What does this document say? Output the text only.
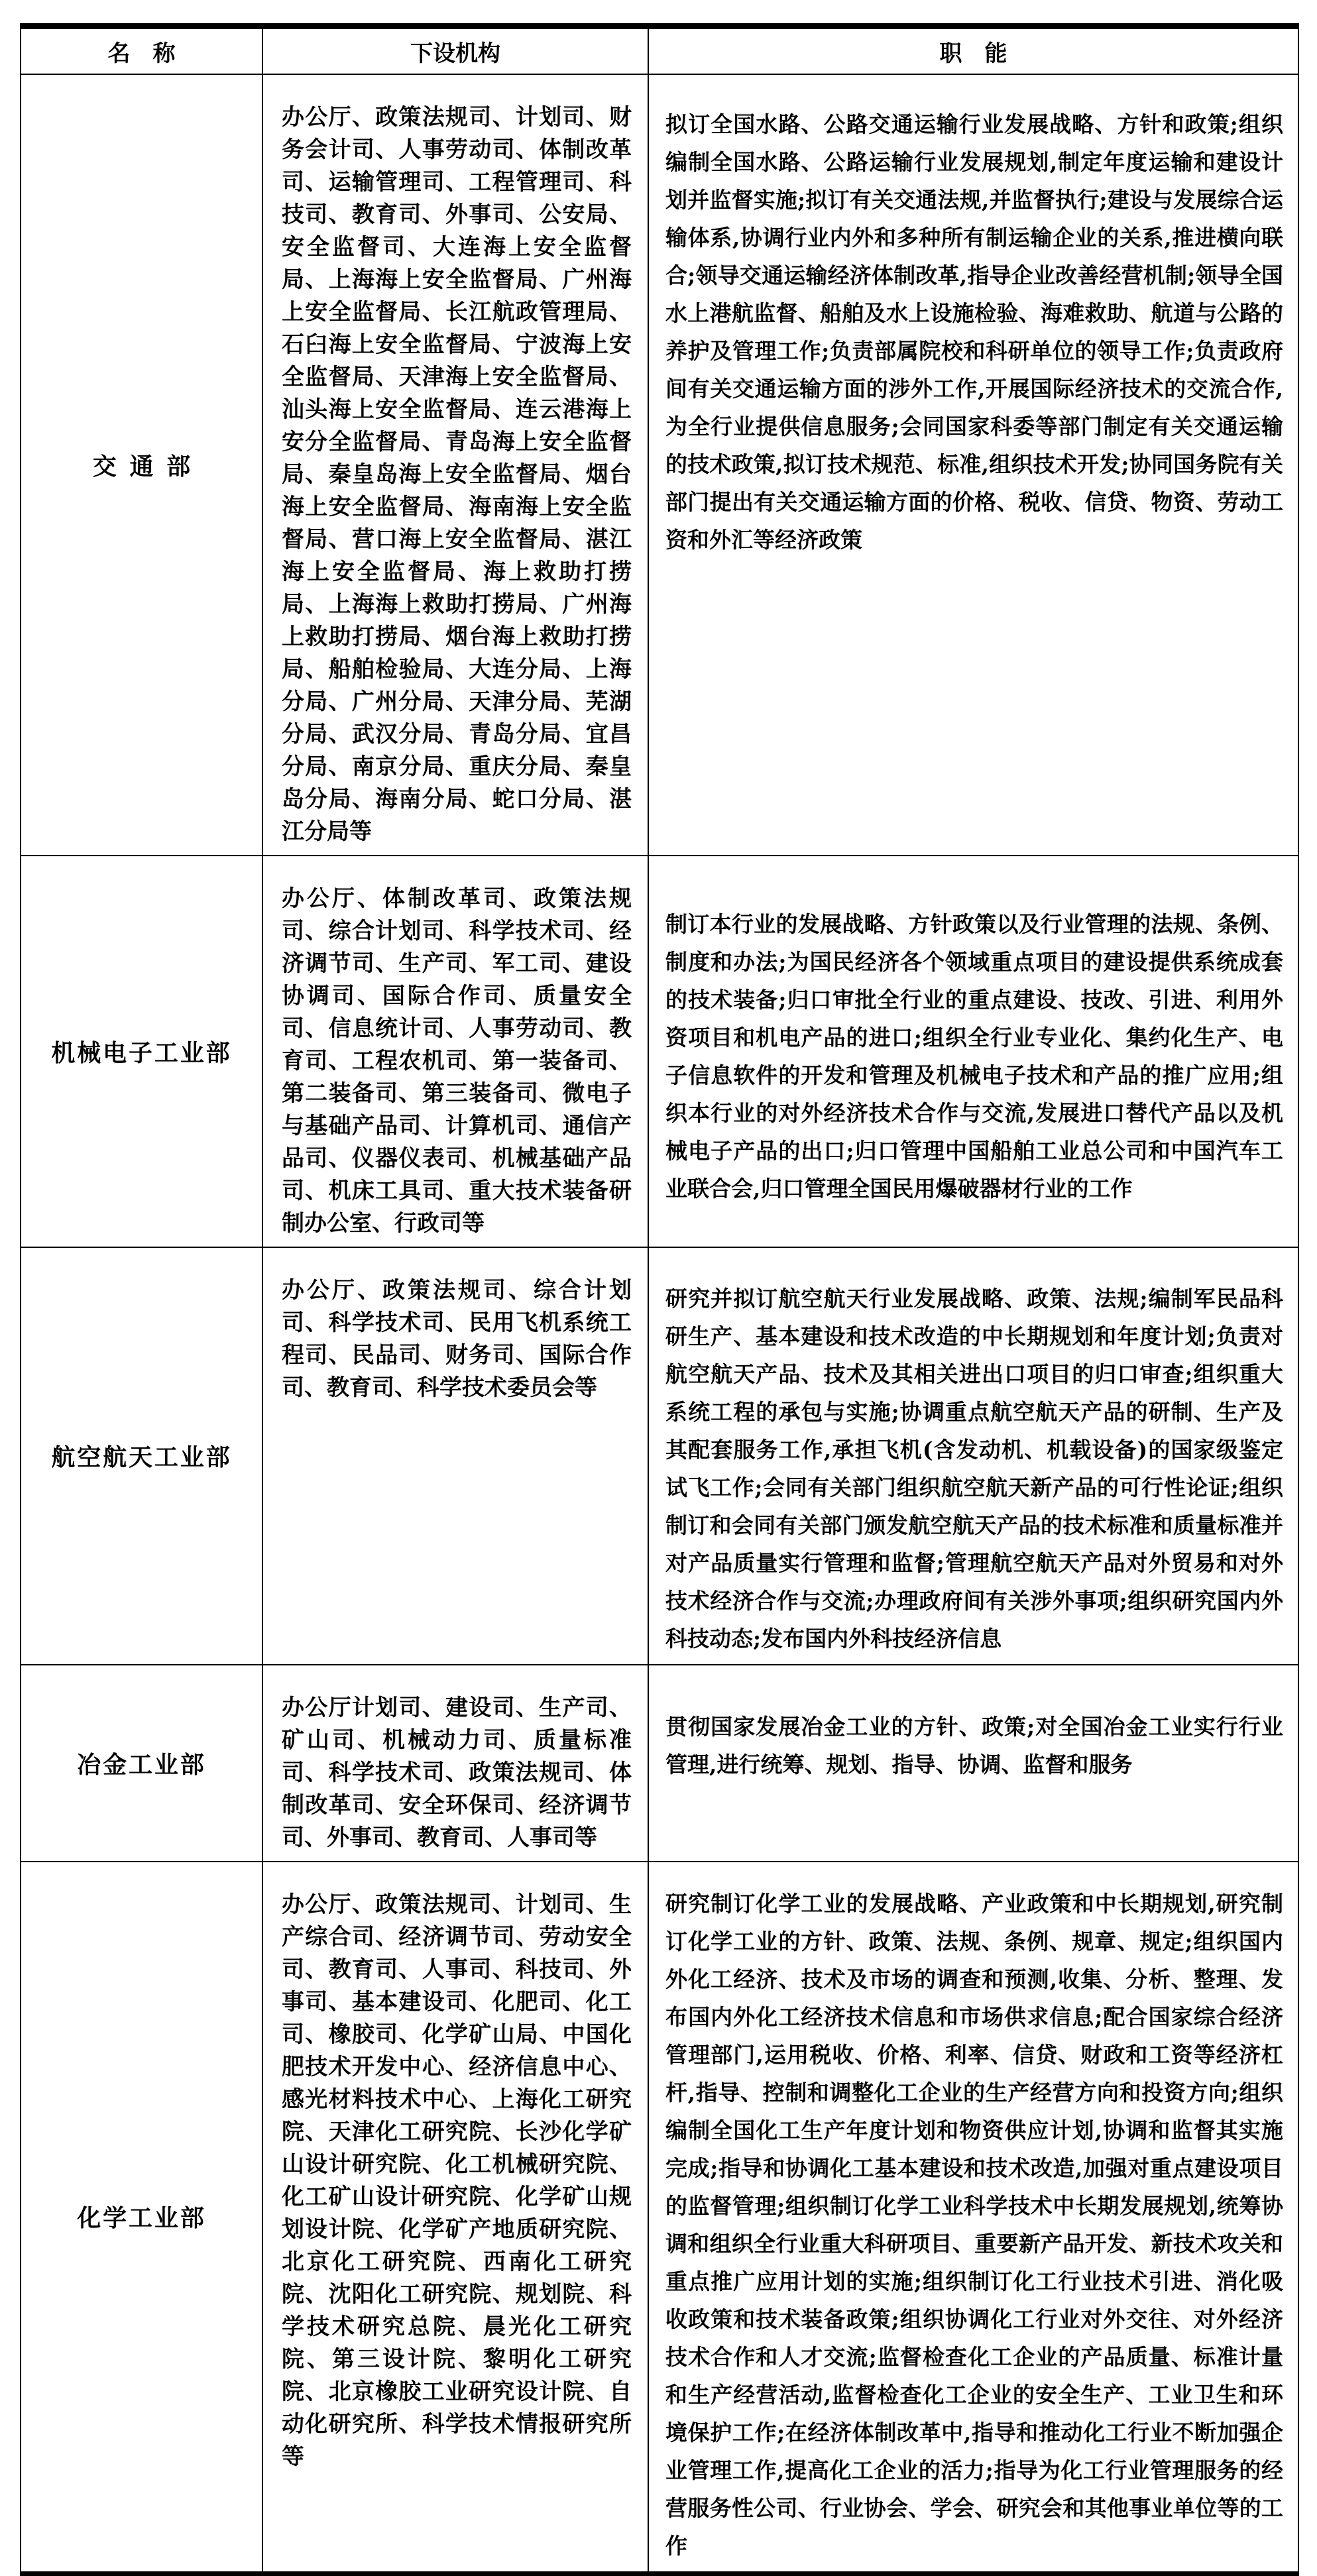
名　称	下设机构	职　能
交通部	办公厅、政策法规司、计划司、财务会计司、人事劳动司、体制改革司、运输管理司、工程管理司、科技司、教育司、外事司、公安局、安全监督司、大连海上安全监督局、上海海上安全监督局、广州海上安全监督局、长江航政管理局、石臼海上安全监督局、宁波海上安全监督局、天津海上安全监督局、汕头海上安全监督局、连云港海上安分全监督局、青岛海上安全监督局、秦皇岛海上安全监督局、烟台海上安全监督局、海南海上安全监督局、营口海上安全监督局、湛江海上安全监督局、海上救助打捞局、上海海上救助打捞局、广州海上救助打捞局、烟台海上救助打捞局、船舶检验局、大连分局、上海分局、广州分局、天津分局、芜湖分局、武汉分局、青岛分局、宜昌分局、南京分局、重庆分局、秦皇岛分局、海南分局、蛇口分局、湛江分局等	拟订全国水路、公路交通运输行业发展战略、方针和政策;组织编制全国水路、公路运输行业发展规划,制定年度运输和建设计划并监督实施;拟订有关交通法规,并监督执行;建设与发展综合运输体系,协调行业内外和多种所有制运输企业的关系,推进横向联合;领导交通运输经济体制改革,指导企业改善经营机制;领导全国水上港航监督、船舶及水上设施检验、海难救助、航道与公路的养护及管理工作;负责部属院校和科研单位的领导工作;负责政府间有关交通运输方面的涉外工作,开展国际经济技术的交流合作,为全行业提供信息服务;会同国家科委等部门制定有关交通运输的技术政策,拟订技术规范、标准,组织技术开发;协同国务院有关部门提出有关交通运输方面的价格、税收、信贷、物资、劳动工资和外汇等经济政策
机械电子工业部	办公厅、体制改革司、政策法规司、综合计划司、科学技术司、经济调节司、生产司、军工司、建设协调司、国际合作司、质量安全司、信息统计司、人事劳动司、教育司、工程农机司、第一装备司、第二装备司、第三装备司、微电子与基础产品司、计算机司、通信产品司、仪器仪表司、机械基础产品司、机床工具司、重大技术装备研制办公室、行政司等	制订本行业的发展战略、方针政策以及行业管理的法规、条例、制度和办法;为国民经济各个领域重点项目的建设提供系统成套的技术装备;归口审批全行业的重点建设、技改、引进、利用外资项目和机电产品的进口;组织全行业专业化、集约化生产、电子信息软件的开发和管理及机械电子技术和产品的推广应用;组织本行业的对外经济技术合作与交流,发展进口替代产品以及机械电子产品的出口;归口管理中国船舶工业总公司和中国汽车工业联合会,归口管理全国民用爆破器材行业的工作
航空航天工业部	办公厅、政策法规司、综合计划司、科学技术司、民用飞机系统工程司、民品司、财务司、国际合作司、教育司、科学技术委员会等	研究并拟订航空航天行业发展战略、政策、法规;编制军民品科研生产、基本建设和技术改造的中长期规划和年度计划;负责对航空航天产品、技术及其相关进出口项目的归口审查;组织重大系统工程的承包与实施;协调重点航空航天产品的研制、生产及其配套服务工作,承担飞机(含发动机、机载设备)的国家级鉴定试飞工作;会同有关部门组织航空航天新产品的可行性论证;组织制订和会同有关部门颁发航空航天产品的技术标准和质量标准并对产品质量实行管理和监督;管理航空航天产品对外贸易和对外技术经济合作与交流;办理政府间有关涉外事项;组织研究国内外科技动态;发布国内外科技经济信息
冶金工业部	办公厅计划司、建设司、生产司、矿山司、机械动力司、质量标准司、科学技术司、政策法规司、体制改革司、安全环保司、经济调节司、外事司、教育司、人事司等	贯彻国家发展冶金工业的方针、政策;对全国冶金工业实行行业管理,进行统筹、规划、指导、协调、监督和服务
化学工业部	办公厅、政策法规司、计划司、生产综合司、经济调节司、劳动安全司、教育司、人事司、科技司、外事司、基本建设司、化肥司、化工司、橡胶司、化学矿山局、中国化肥技术开发中心、经济信息中心、感光材料技术中心、上海化工研究院、天津化工研究院、长沙化学矿山设计研究院、化工机械研究院、化工矿山设计研究院、化学矿山规划设计院、化学矿产地质研究院、北京化工研究院、西南化工研究院、沈阳化工研究院、规划院、科学技术研究总院、晨光化工研究院、第三设计院、黎明化工研究院、北京橡胶工业研究设计院、自动化研究所、科学技术情报研究所等	研究制订化学工业的发展战略、产业政策和中长期规划,研究制订化学工业的方针、政策、法规、条例、规章、规定;组织国内外化工经济、技术及市场的调查和预测,收集、分析、整理、发布国内外化工经济技术信息和市场供求信息;配合国家综合经济管理部门,运用税收、价格、利率、信贷、财政和工资等经济杠杆,指导、控制和调整化工企业的生产经营方向和投资方向;组织编制全国化工生产年度计划和物资供应计划,协调和监督其实施完成;指导和协调化工基本建设和技术改造,加强对重点建设项目的监督管理;组织制订化学工业科学技术中长期发展规划,统筹协调和组织全行业重大科研项目、重要新产品开发、新技术攻关和重点推广应用计划的实施;组织制订化工行业技术引进、消化吸收政策和技术装备政策;组织协调化工行业对外交往、对外经济技术合作和人才交流;监督检查化工企业的产品质量、标准计量和生产经营活动,监督检查化工企业的安全生产、工业卫生和环境保护工作;在经济体制改革中,指导和推动化工行业不断加强企业管理工作,提高化工企业的活力;指导为化工行业管理服务的经营服务性公司、行业协会、学会、研究会和其他事业单位等的工作
